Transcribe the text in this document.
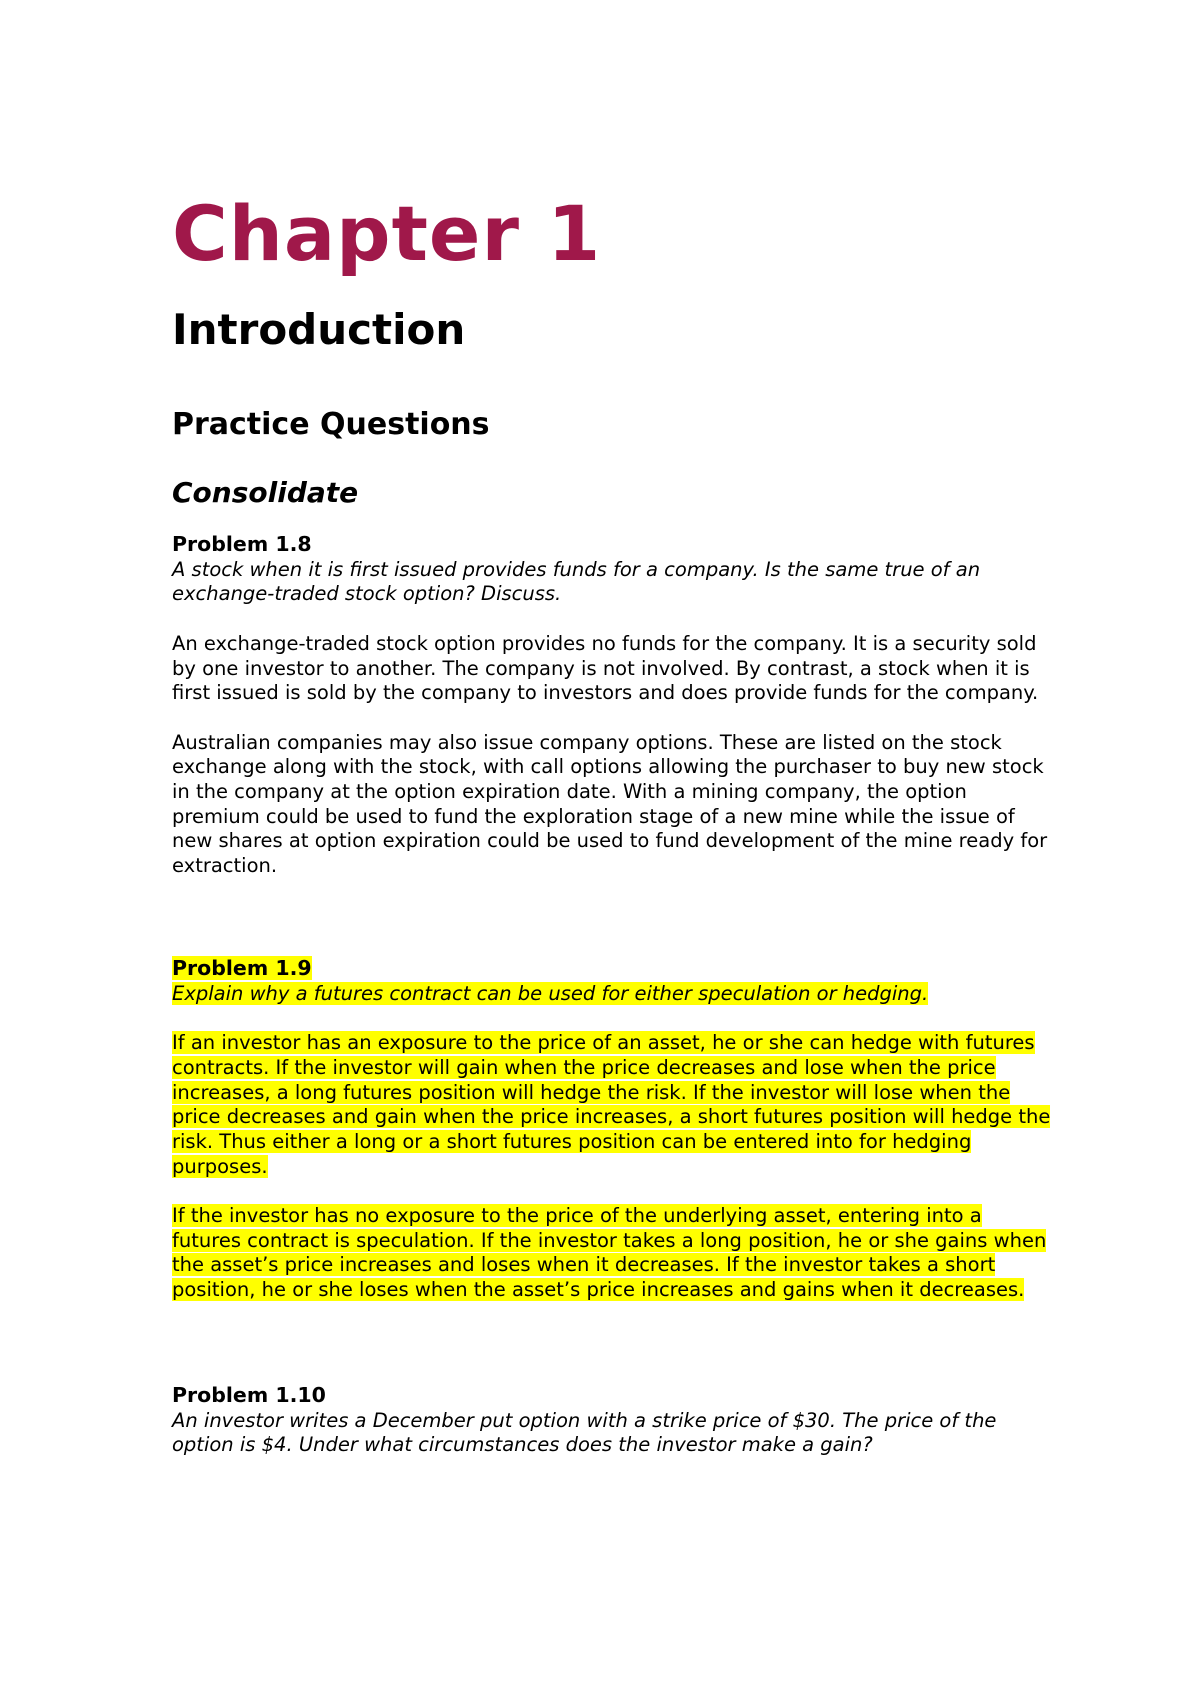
Chapter 1
Introduction
Practice Questions
Consolidate

Problem 1.8

A stock when it is first issued provides funds for a company. Is the same true of an exchange-traded stock option? Discuss.

An exchange-traded stock option provides no funds for the company. It is a security sold by one investor to another. The company is not involved. By contrast, a stock when it is first issued is sold by the company to investors and does provide funds for the company.

Australian companies may also issue company options. These are listed on the stock exchange along with the stock, with call options allowing the purchaser to buy new stock in the company at the option expiration date. With a mining company, the option premium could be used to fund the exploration stage of a new mine while the issue of new shares at option expiration could be used to fund development of the mine ready for extraction.

Problem 1.9

Explain why a futures contract can be used for either speculation or hedging.

If an investor has an exposure to the price of an asset, he or she can hedge with futures contracts. If the investor will gain when the price decreases and lose when the price increases, a long futures position will hedge the risk. If the investor will lose when the price decreases and gain when the price increases, a short futures position will hedge the risk. Thus either a long or a short futures position can be entered into for hedging purposes.

If the investor has no exposure to the price of the underlying asset, entering into a futures contract is speculation. If the investor takes a long position, he or she gains when the asset’s price increases and loses when it decreases. If the investor takes a short position, he or she loses when the asset’s price increases and gains when it decreases.

Problem 1.10

An investor writes a December put option with a strike price of $30. The price of the option is $4. Under what circumstances does the investor make a gain?
